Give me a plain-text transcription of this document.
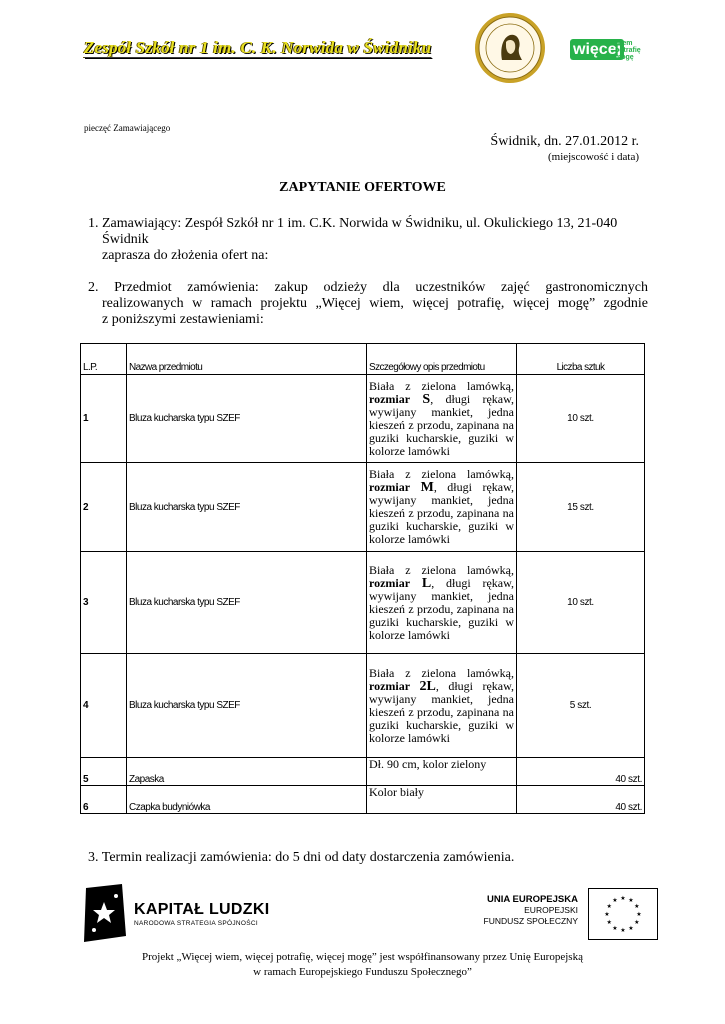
Zespół Szkół nr 1 im. C. K. Norwida w Świdniku	więcej
wiem
potrafię
mogę
pieczęć Zamawiającego
Świdnik, dn. 27.01.2012 r.
(miejscowość i data)
ZAPYTANIE OFERTOWE
1. Zamawiający: Zespół Szkół nr 1 im. C.K. Norwida w Świdniku, ul. Okulickiego 13, 21-040
Świdnik
zaprasza do złożenia ofert na:
2. Przedmiot zamówienia: zakup odzieży dla uczestników zajęć gastronomicznych
realizowanych w ramach projektu „Więcej wiem, więcej potrafię, więcej mogę” zgodnie
z poniższymi zestawieniami:
L.P.	Nazwa przedmiotu	Szczegółowy opis przedmiotu	Liczba sztuk
1	Bluza kucharska typu SZEF	Biała z zielona lamówką, rozmiar S, długi rękaw, wywijany mankiet, jedna kieszeń z przodu, zapinana na guziki kucharskie, guziki w kolorze lamówki	10 szt.
2	Bluza kucharska typu SZEF	Biała z zielona lamówką, rozmiar M, długi rękaw, wywijany mankiet, jedna kieszeń z przodu, zapinana na guziki kucharskie, guziki w kolorze lamówki	15 szt.
3	Bluza kucharska typu SZEF	Biała z zielona lamówką, rozmiar L, długi rękaw, wywijany mankiet, jedna kieszeń z przodu, zapinana na guziki kucharskie, guziki w kolorze lamówki	10 szt.
4	Bluza kucharska typu SZEF	Biała z zielona lamówką, rozmiar 2L, długi rękaw, wywijany mankiet, jedna kieszeń z przodu, zapinana na guziki kucharskie, guziki w kolorze lamówki	5 szt.
5	Zapaska	Dł. 90 cm, kolor zielony	40 szt.
6	Czapka budyniówka	Kolor biały	40 szt.
3. Termin realizacji zamówienia: do 5 dni od daty dostarczenia zamówienia.
KAPITAŁ LUDZKI
NARODOWA STRATEGIA SPÓJNOŚCI
UNIA EUROPEJSKA
EUROPEJSKI
FUNDUSZ SPOŁECZNY
★
★
★
★
★
★
★
★
★ ★ ★
★
Projekt „Więcej wiem, więcej potrafię, więcej mogę” jest współfinansowany przez Unię Europejską
w ramach Europejskiego Funduszu Społecznego”
